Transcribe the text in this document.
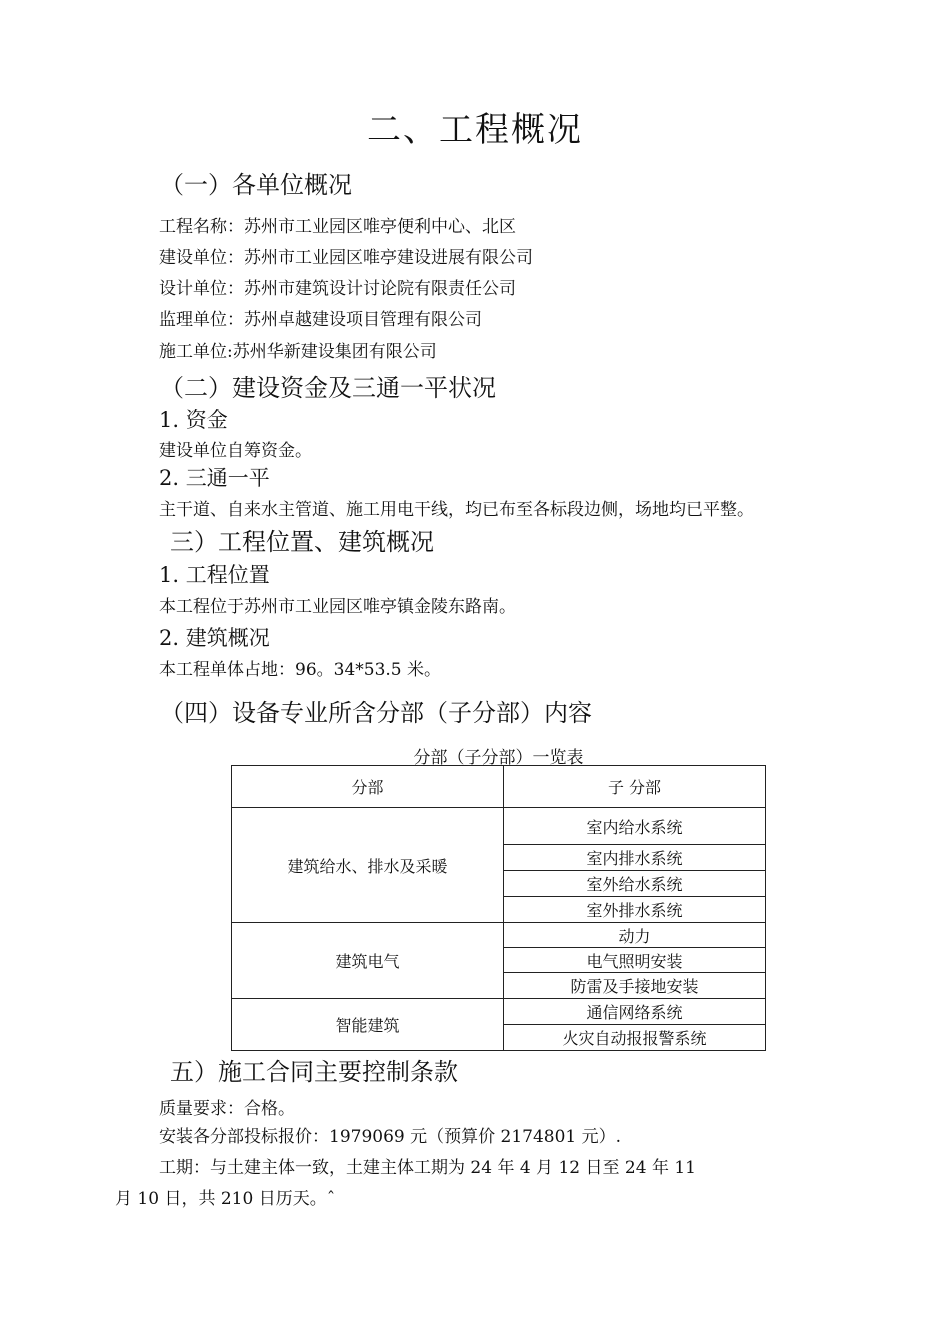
二、工程概况
（一）各单位概况
工程名称：苏州市工业园区唯亭便利中心、北区
建设单位：苏州市工业园区唯亭建设进展有限公司
设计单位：苏州市建筑设计讨论院有限责任公司
监理单位：苏州卓越建设项目管理有限公司
施工单位:苏州华新建设集团有限公司
（二）建设资金及三通一平状况
1. 资金
建设单位自筹资金。
2. 三通一平
主干道、自来水主管道、施工用电干线，均已布至各标段边侧，场地均已平整。
三）工程位置、建筑概况
1. 工程位置
本工程位于苏州市工业园区唯亭镇金陵东路南。
2. 建筑概况
本工程单体占地：96。34*53.5 米。
（四）设备专业所含分部（子分部）内容
分部（子分部）一览表
分部	子 分部
建筑给水、排水及采暖	室内给水系统
	室内排水系统
	室外给水系统
	室外排水系统
建筑电气	动力
	电气照明安装
	防雷及手接地安装
智能建筑	通信网络系统
	火灾自动报报警系统
五）施工合同主要控制条款
质量要求：合格。
安装各分部投标报价：1979069 元（预算价 2174801 元）.
工期：与土建主体一致，土建主体工期为 24 年 4 月 12 日至 24 年 11
月 10 日，共 210 日历天。ˆ
